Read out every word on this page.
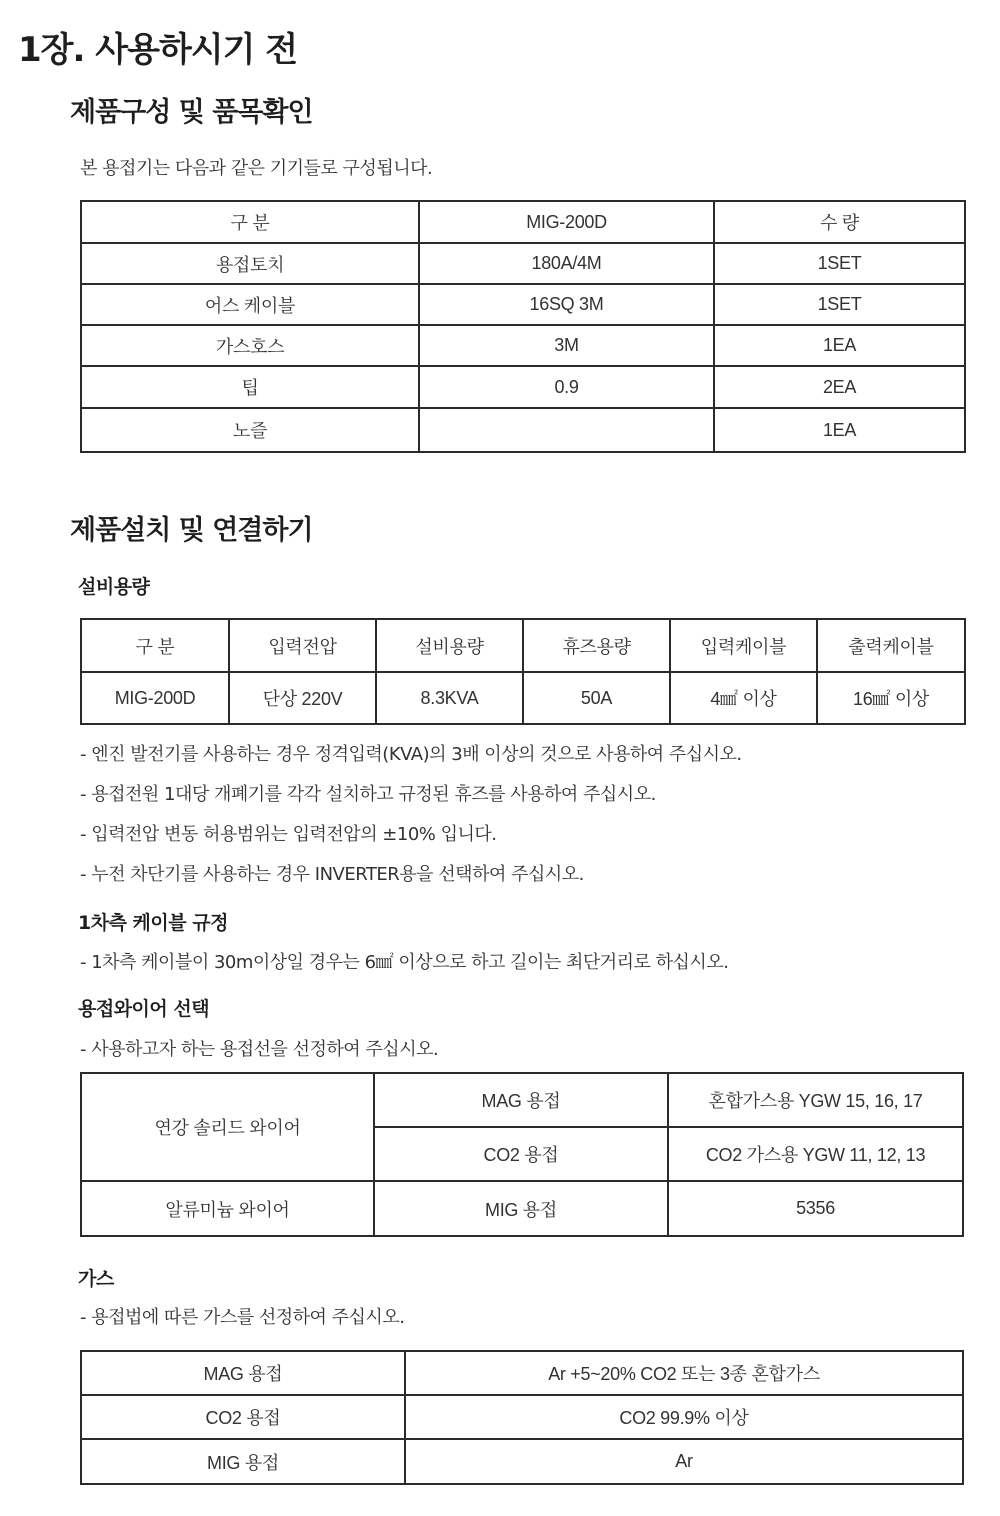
1장. 사용하시기 전
제품구성 및 품목확인

본 용접기는 다음과 같은 기기들로 구성됩니다.

구 분	MIG-200D	수 량
용접토치	180A/4M	1SET
어스 케이블	16SQ 3M	1SET
가스호스	3M	1EA
팁	0.9	2EA
노즐		1EA
제품설치 및 연결하기
설비용량
구 분	입력전압	설비용량	휴즈용량	입력케이블	출력케이블
MIG-200D	단상 220V	8.3KVA	50A	4㎟ 이상	16㎟ 이상
- 엔진 발전기를 사용하는 경우 정격입력(KVA)의 3배 이상의 것으로 사용하여 주십시오.
- 용접전원 1대당 개폐기를 각각 설치하고 규정된 휴즈를 사용하여 주십시오.
- 입력전압 변동 허용범위는 입력전압의 ±10% 입니다.
- 누전 차단기를 사용하는 경우 INVERTER용을 선택하여 주십시오.
1차측 케이블 규정

- 1차측 케이블이 30m이상일 경우는 6㎟ 이상으로 하고 길이는 최단거리로 하십시오.

용접와이어 선택

- 사용하고자 하는 용접선을 선정하여 주십시오.

연강 솔리드 와이어	MAG 용접	혼합가스용 YGW 15, 16, 17
	CO2 용접	CO2 가스용 YGW 11, 12, 13
알류미늄 와이어	MIG 용접	5356
가스

- 용접법에 따른 가스를 선정하여 주십시오.

MAG 용접	Ar +5~20% CO2 또는 3종 혼합가스
CO2 용접	CO2 99.9% 이상
MIG 용접	Ar
